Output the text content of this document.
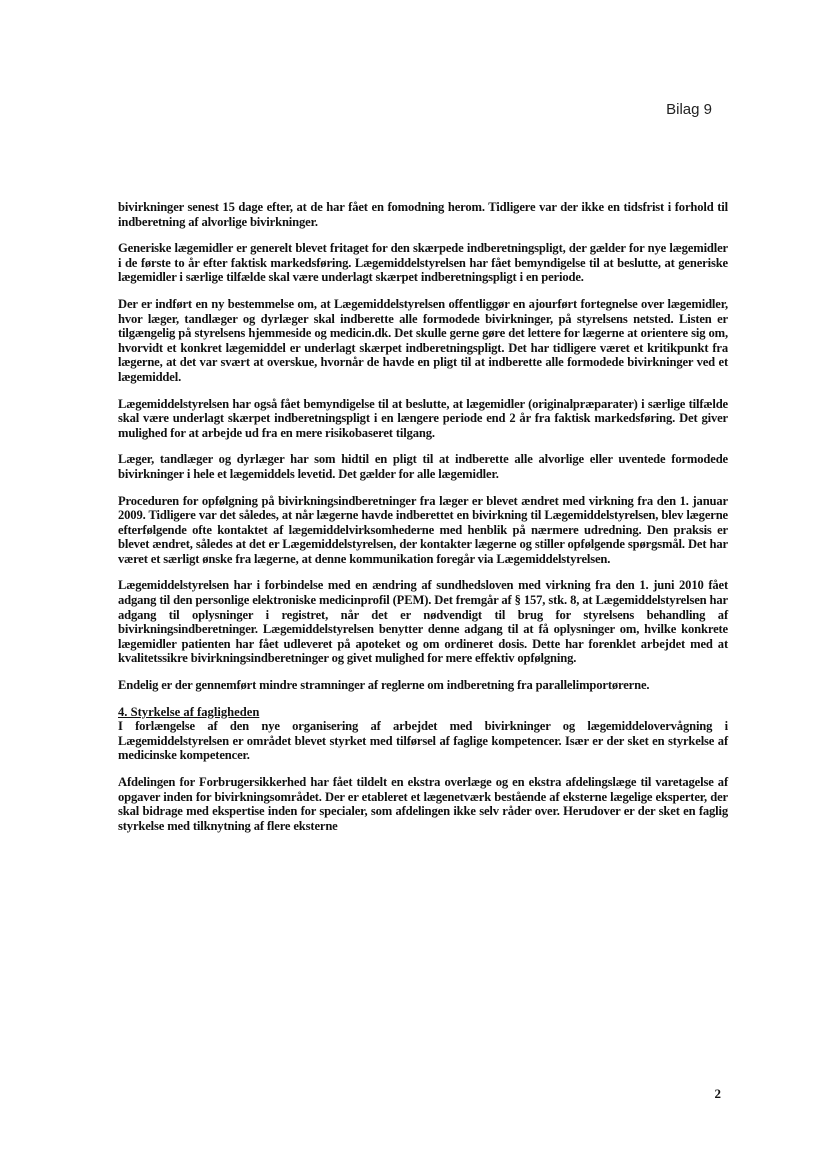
Bilag 9

bivirkninger senest 15 dage efter, at de har fået en fomodning herom. Tidligere var der ikke en tidsfrist i forhold til indberetning af alvorlige bivirkninger.

Generiske lægemidler er generelt blevet fritaget for den skærpede indberetningspligt, der gælder for nye lægemidler i de første to år efter faktisk markedsføring. Lægemiddelstyrelsen har fået bemyndigelse til at beslutte, at generiske lægemidler i særlige tilfælde skal være underlagt skærpet indberetningspligt i en periode.

Der er indført en ny bestemmelse om, at Lægemiddelstyrelsen offentliggør en ajourført fortegnelse over lægemidler, hvor læger, tandlæger og dyrlæger skal indberette alle formodede bivirkninger, på styrelsens netsted. Listen er tilgængelig på styrelsens hjemmeside og medicin.dk. Det skulle gerne gøre det lettere for lægerne at orientere sig om, hvorvidt et konkret lægemiddel er underlagt skærpet indberetningspligt. Det har tidligere været et kritikpunkt fra lægerne, at det var svært at overskue, hvornår de havde en pligt til at indberette alle formodede bivirkninger ved et lægemiddel.

Lægemiddelstyrelsen har også fået bemyndigelse til at beslutte, at lægemidler (originalpræparater) i særlige tilfælde skal være underlagt skærpet indberetningspligt i en længere periode end 2 år fra faktisk markedsføring. Det giver mulighed for at arbejde ud fra en mere risikobaseret tilgang.

Læger, tandlæger og dyrlæger har som hidtil en pligt til at indberette alle alvorlige eller uventede formodede bivirkninger i hele et lægemiddels levetid. Det gælder for alle lægemidler.

Proceduren for opfølgning på bivirkningsindberetninger fra læger er blevet ændret med virkning fra den 1. januar 2009. Tidligere var det således, at når lægerne havde indberettet en bivirkning til Lægemiddelstyrelsen, blev lægerne efterfølgende ofte kontaktet af lægemiddelvirksomhederne med henblik på nærmere udredning. Den praksis er blevet ændret, således at det er Lægemiddelstyrelsen, der kontakter lægerne og stiller opfølgende spørgsmål. Det har været et særligt ønske fra lægerne, at denne kommunikation foregår via Lægemiddelstyrelsen.

Lægemiddelstyrelsen har i forbindelse med en ændring af sundhedsloven med virkning fra den 1. juni 2010 fået adgang til den personlige elektroniske medicinprofil (PEM). Det fremgår af § 157, stk. 8, at Lægemiddelstyrelsen har adgang til oplysninger i registret, når det er nødvendigt til brug for styrelsens behandling af bivirkningsindberetninger. Lægemiddelstyrelsen benytter denne adgang til at få oplysninger om, hvilke konkrete lægemidler patienten har fået udleveret på apoteket og om ordineret dosis. Dette har forenklet arbejdet med at kvalitetssikre bivirkningsindberetninger og givet mulighed for mere effektiv opfølgning.

Endelig er der gennemført mindre stramninger af reglerne om indberetning fra parallelimportørerne.

4. Styrkelse af fagligheden

I forlængelse af den nye organisering af arbejdet med bivirkninger og lægemiddelovervågning i Lægemiddelstyrelsen er området blevet styrket med tilførsel af faglige kompetencer. Især er der sket en styrkelse af medicinske kompetencer.

Afdelingen for Forbrugersikkerhed har fået tildelt en ekstra overlæge og en ekstra afdelingslæge til varetagelse af opgaver inden for bivirkningsområdet. Der er etableret et lægenetværk bestående af eksterne lægelige eksperter, der skal bidrage med ekspertise inden for specialer, som afdelingen ikke selv råder over. Herudover er der sket en faglig styrkelse med tilknytning af flere eksterne

2
